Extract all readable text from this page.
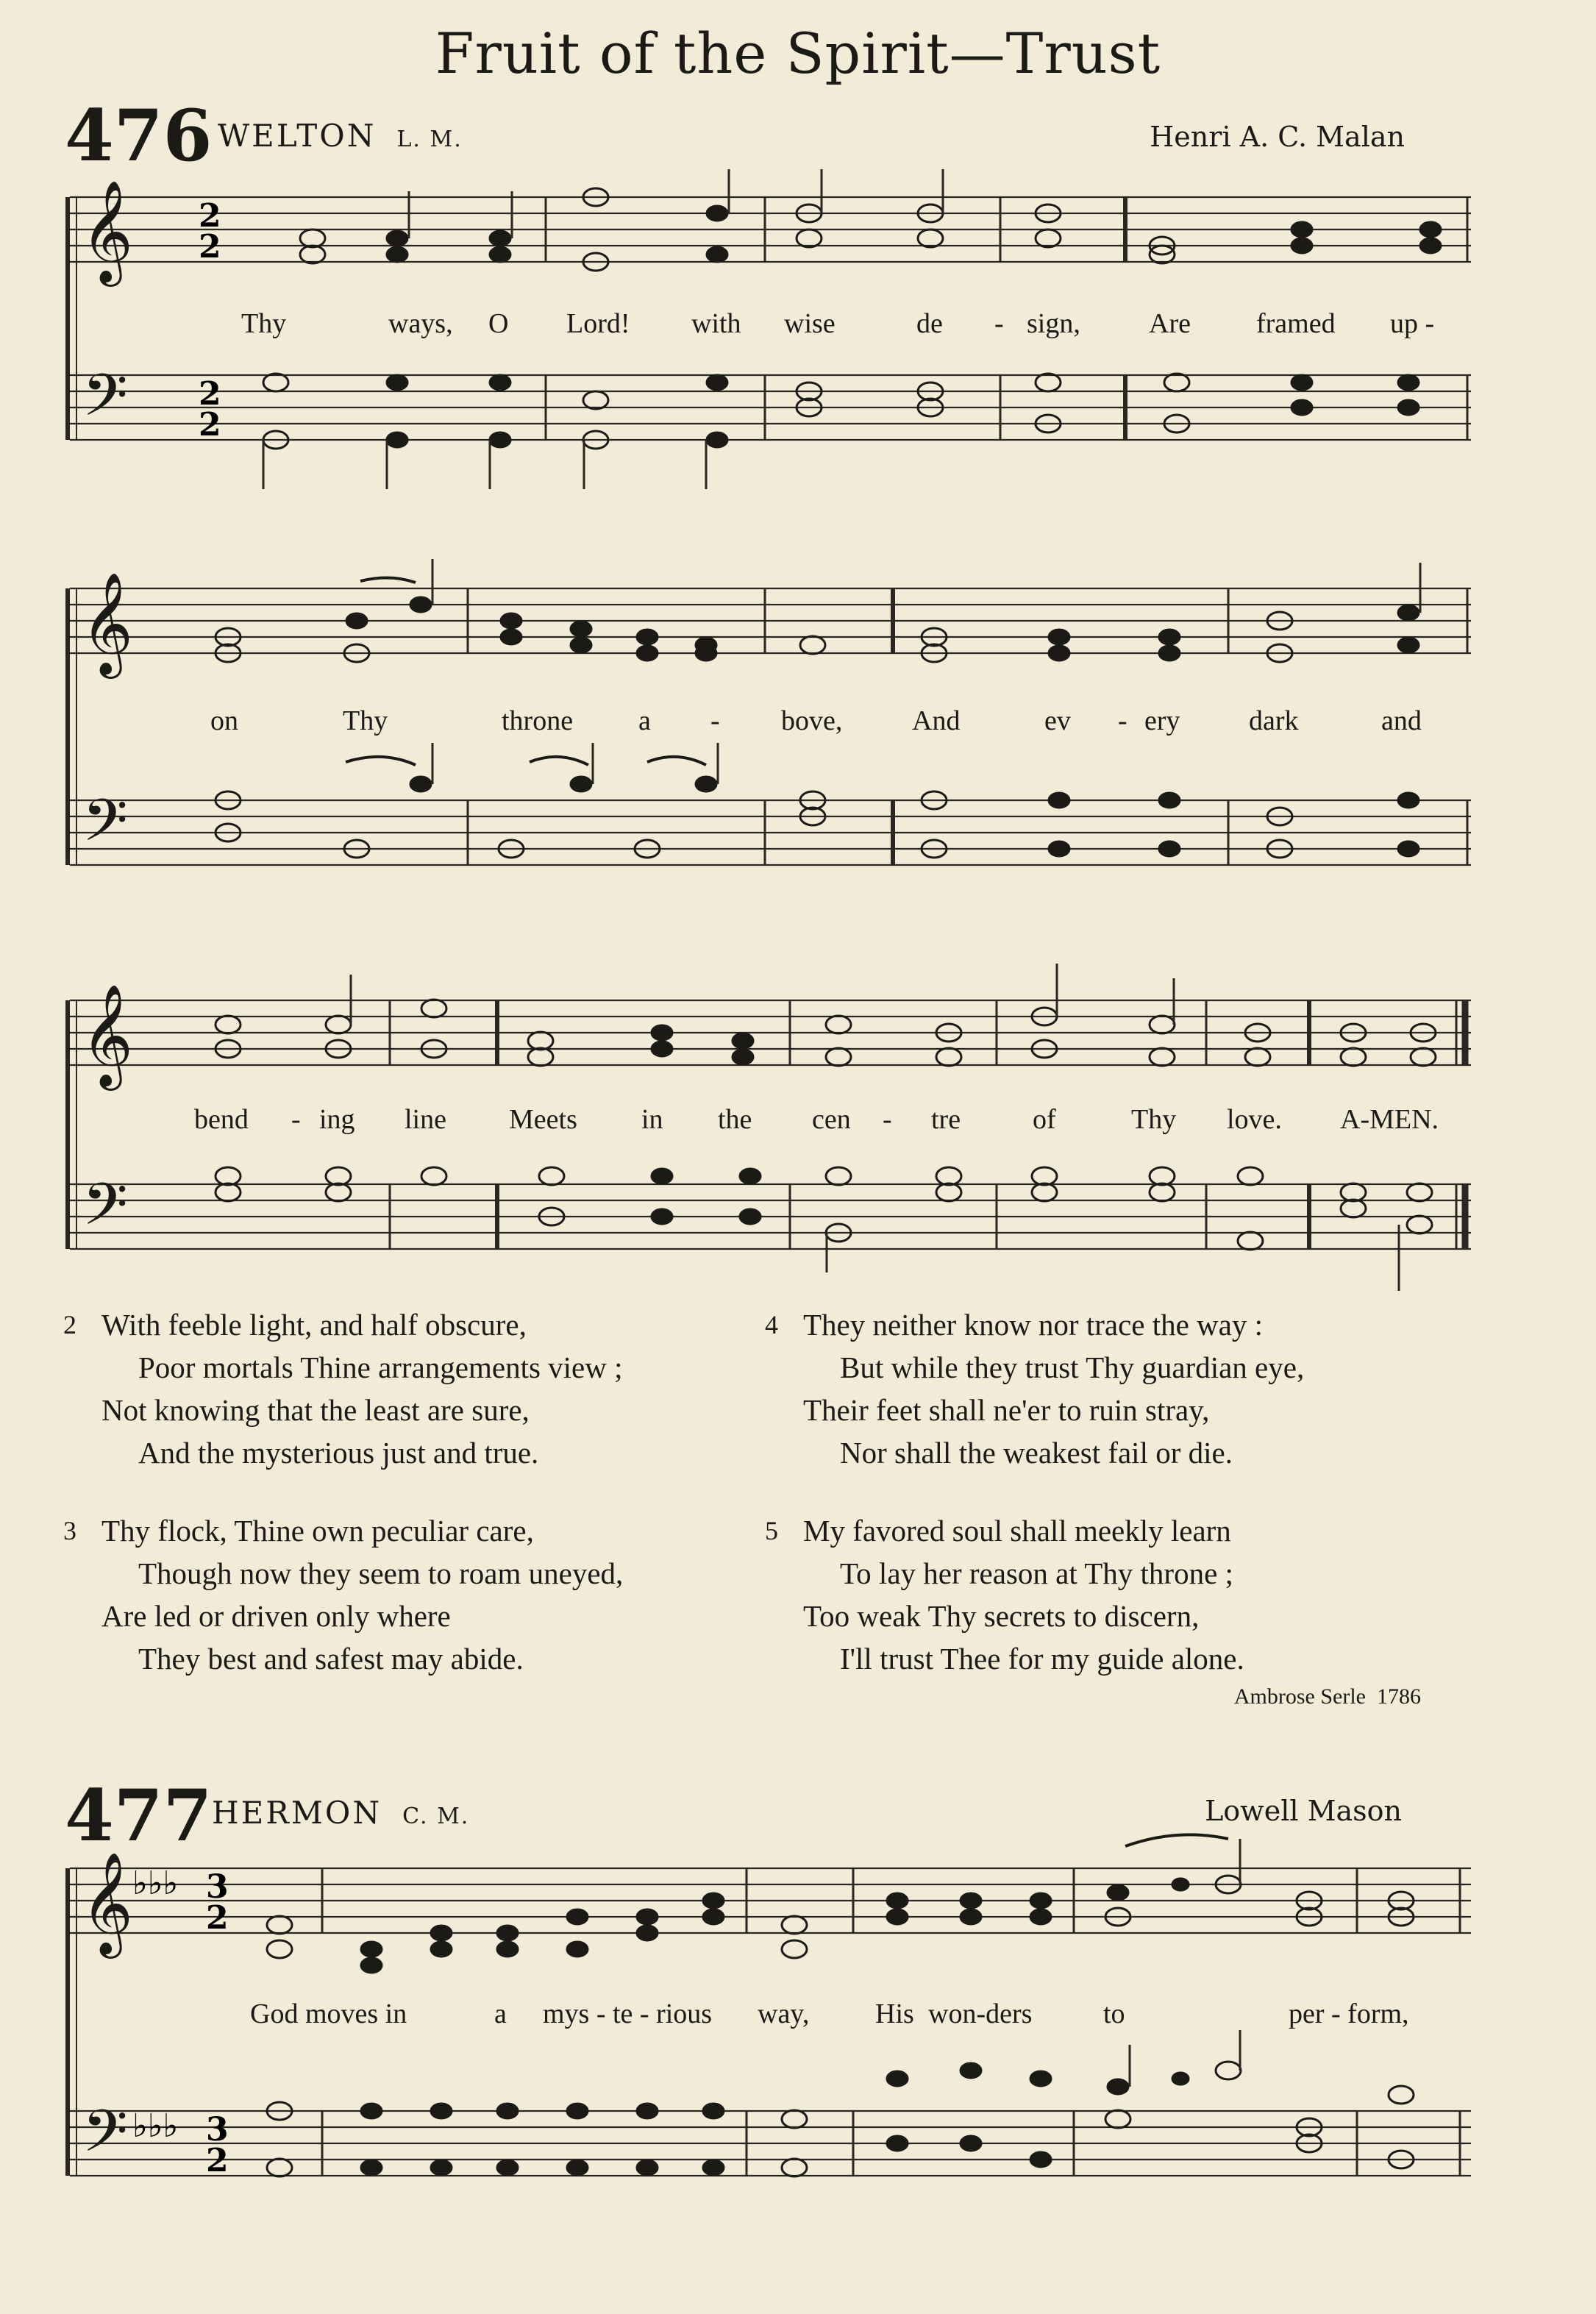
Fruit of the Spirit—Trust
476 WELTON L. M.	Henri A. C. Malan
𝄞
𝄢
2
2
2
2
𝄞
𝄢
𝄞
𝄢
𝄞
𝄢
♭♭♭
♭♭♭
3
2
3
2
Thy	ways, O Lord! with wise	de - sign, Are framed up -
on	Thy	throne a - bove, And	ev - ery dark	and
bend - ing line Meets in the cen - tre	of	Thy love. A-MEN.
2 With feeble light, and half obscure,
Poor mortals Thine arrangements view ;
Not knowing that the least are sure,
And the mysterious just and true.
4 They neither know nor trace the way :
But while they trust Thy guardian eye,
Their feet shall ne'er to ruin stray,
Nor shall the weakest fail or die.
3 Thy flock, Thine own peculiar care,
Though now they seem to roam uneyed,
Are led or driven only where
They best and safest may abide.
5 My favored soul shall meekly learn
To lay her reason at Thy throne ;
Too weak Thy secrets to discern,
I'll trust Thee for my guide alone.
Ambrose Serle 1786
477 HERMON C. M.	Lowell Mason
God moves in	a mys - te - rious way, His won-ders	to	per - form,
